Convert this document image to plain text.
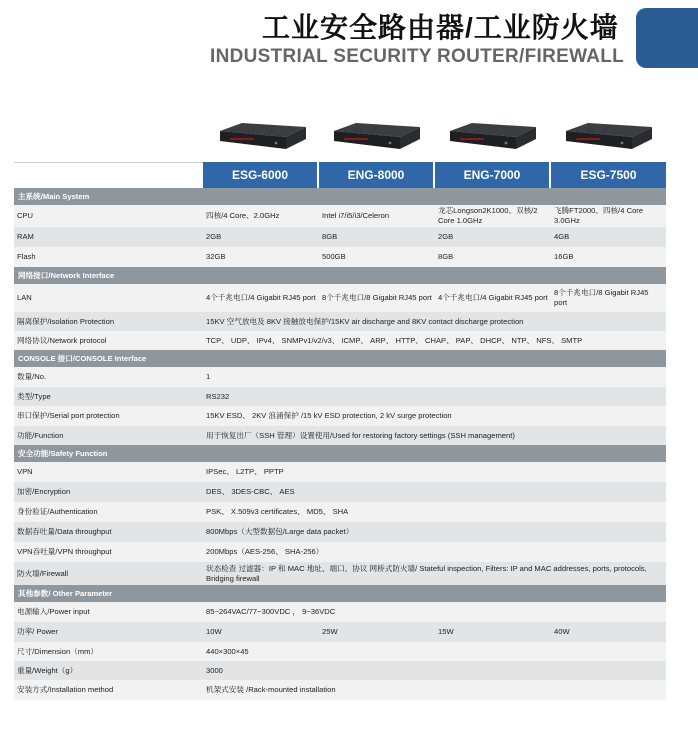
工业安全路由器/工业防火墙
INDUSTRIAL SECURITY ROUTER/FIREWALL
ESG-6000	ENG-8000	ENG-7000	ESG-7500
主系统/Main System				
CPU	四核/4 Core、2.0GHz	Intel i7/i5/i3/Celeron	龙芯Longson2K1000、双核/2 Core 1.0GHz	飞腾FT2000、四核/4 Core 3.0GHz
RAM	2GB	8GB	2GB	4GB
Flash	32GB	500GB	8GB	16GB
网络接口/Network Interface				
LAN	4个千兆电口/4 Gigabit RJ45 port	8个千兆电口/8 Gigabit RJ45 port	4个千兆电口/4 Gigabit RJ45 port	8个千兆电口/8 Gigabit RJ45 port
隔离保护/Isolation Protection	15KV 空气放电及 8KV 接触放电保护/15KV air discharge and 8KV contact discharge protection			
网络协议/Network protocol	TCP、 UDP、 IPv4、 SNMPv1/v2/v3、 ICMP、 ARP、 HTTP、 CHAP、 PAP、 DHCP、 NTP、 NFS、 SMTP			
CONSOLE 接口/CONSOLE Interface				
数量/No.	1			
类型/Type	RS232			
串口保护/Serial port protection	15KV ESD、 2KV 浪涌保护 /15 kV ESD protection, 2 kV surge protection			
功能/Function	用于恢复出厂（SSH 管理）设置使用/Used for restoring factory settings (SSH management)			
安全功能/Safety Function				
VPN	IPSec、 L2TP、 PPTP			
加密/Encryption	DES、 3DES-CBC、 AES			
身份验证/Authentication	PSK、 X.509v3 certificates、 MD5、 SHA			
数据吞吐量/Data throughput	800Mbps（大型数据包/Large data packet）			
VPN吞吐量/VPN throughput	200Mbps（AES-256、 SHA-256）			
防火墙/Firewall	状态检查 过滤器：IP 和 MAC 地址、端口、协议 网桥式防火墙/ Stateful inspection, Filters: IP and MAC addresses, ports, protocols, Bridging firewall			
其他参数/ Other Parameter				
电源输入/Power input	85~264VAC/77~300VDC ， 9~36VDC			
功率/ Power	10W	25W	15W	40W
尺寸/Dimension（mm）	440×300×45			
重量/Weight（g）	3000			
安装方式/Installation method	机架式安装 /Rack-mounted installation			
